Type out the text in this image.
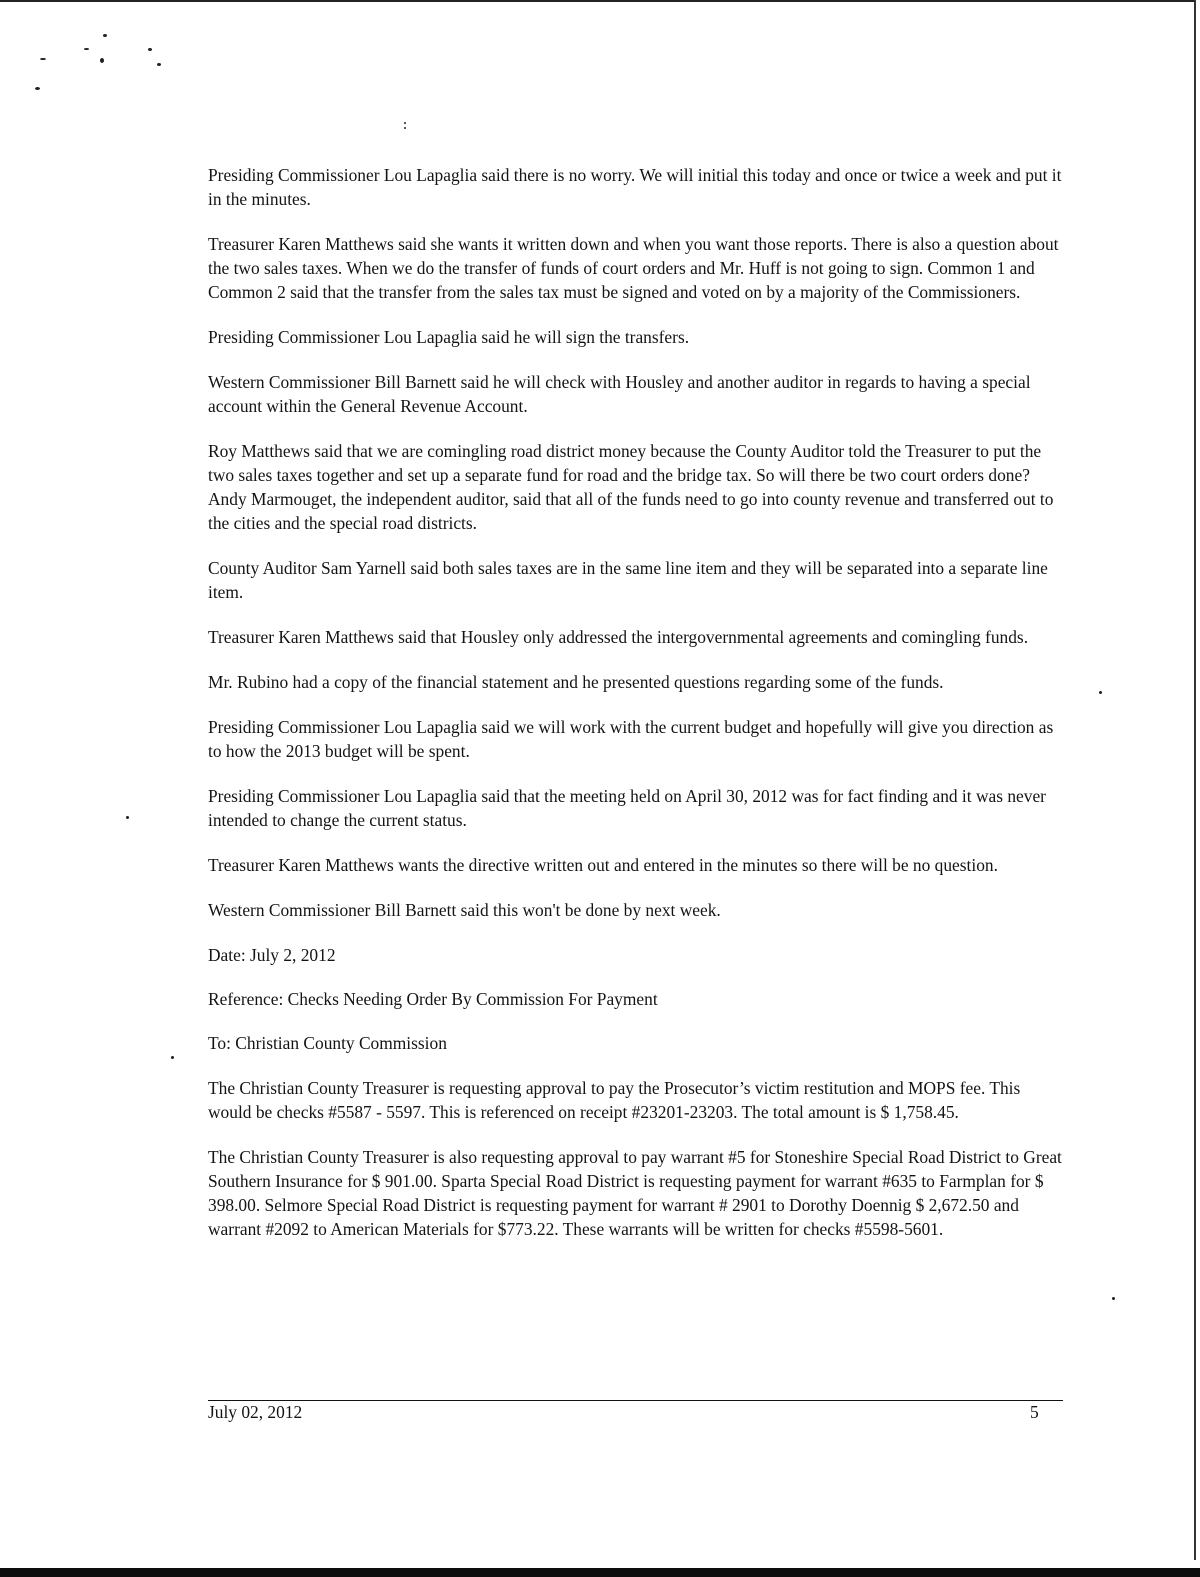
Presiding Commissioner Lou Lapaglia said there is no worry. We will initial this today and once or twice a week and put it in the minutes.

Treasurer Karen Matthews said she wants it written down and when you want those reports. There is also a question about the two sales taxes. When we do the transfer of funds of court orders and Mr. Huff is not going to sign. Common 1 and Common 2 said that the transfer from the sales tax must be signed and voted on by a majority of the Commissioners.

Presiding Commissioner Lou Lapaglia said he will sign the transfers.

Western Commissioner Bill Barnett said he will check with Housley and another auditor in regards to having a special account within the General Revenue Account.

Roy Matthews said that we are comingling road district money because the County Auditor told the Treasurer to put the two sales taxes together and set up a separate fund for road and the bridge tax. So will there be two court orders done? Andy Marmouget, the independent auditor, said that all of the funds need to go into county revenue and transferred out to the cities and the special road districts.

County Auditor Sam Yarnell said both sales taxes are in the same line item and they will be separated into a separate line item.

Treasurer Karen Matthews said that Housley only addressed the intergovernmental agreements and comingling funds.

Mr. Rubino had a copy of the financial statement and he presented questions regarding some of the funds.

Presiding Commissioner Lou Lapaglia said we will work with the current budget and hopefully will give you direction as to how the 2013 budget will be spent.

Presiding Commissioner Lou Lapaglia said that the meeting held on April 30, 2012 was for fact finding and it was never intended to change the current status.

Treasurer Karen Matthews wants the directive written out and entered in the minutes so there will be no question.

Western Commissioner Bill Barnett said this won't be done by next week.

Date: July 2, 2012

Reference: Checks Needing Order By Commission For Payment

To: Christian County Commission

The Christian County Treasurer is requesting approval to pay the Prosecutor’s victim restitution and MOPS fee. This would be checks #5587 - 5597. This is referenced on receipt #23201-23203. The total amount is $ 1,758.45.

The Christian County Treasurer is also requesting approval to pay warrant #5 for Stoneshire Special Road District to Great Southern Insurance for $ 901.00. Sparta Special Road District is requesting payment for warrant #635 to Farmplan for $ 398.00. Selmore Special Road District is requesting payment for warrant # 2901 to Dorothy Doennig $ 2,672.50 and warrant #2092 to American Materials for $773.22. These warrants will be written for checks #5598-5601.

July 02, 2012	5
